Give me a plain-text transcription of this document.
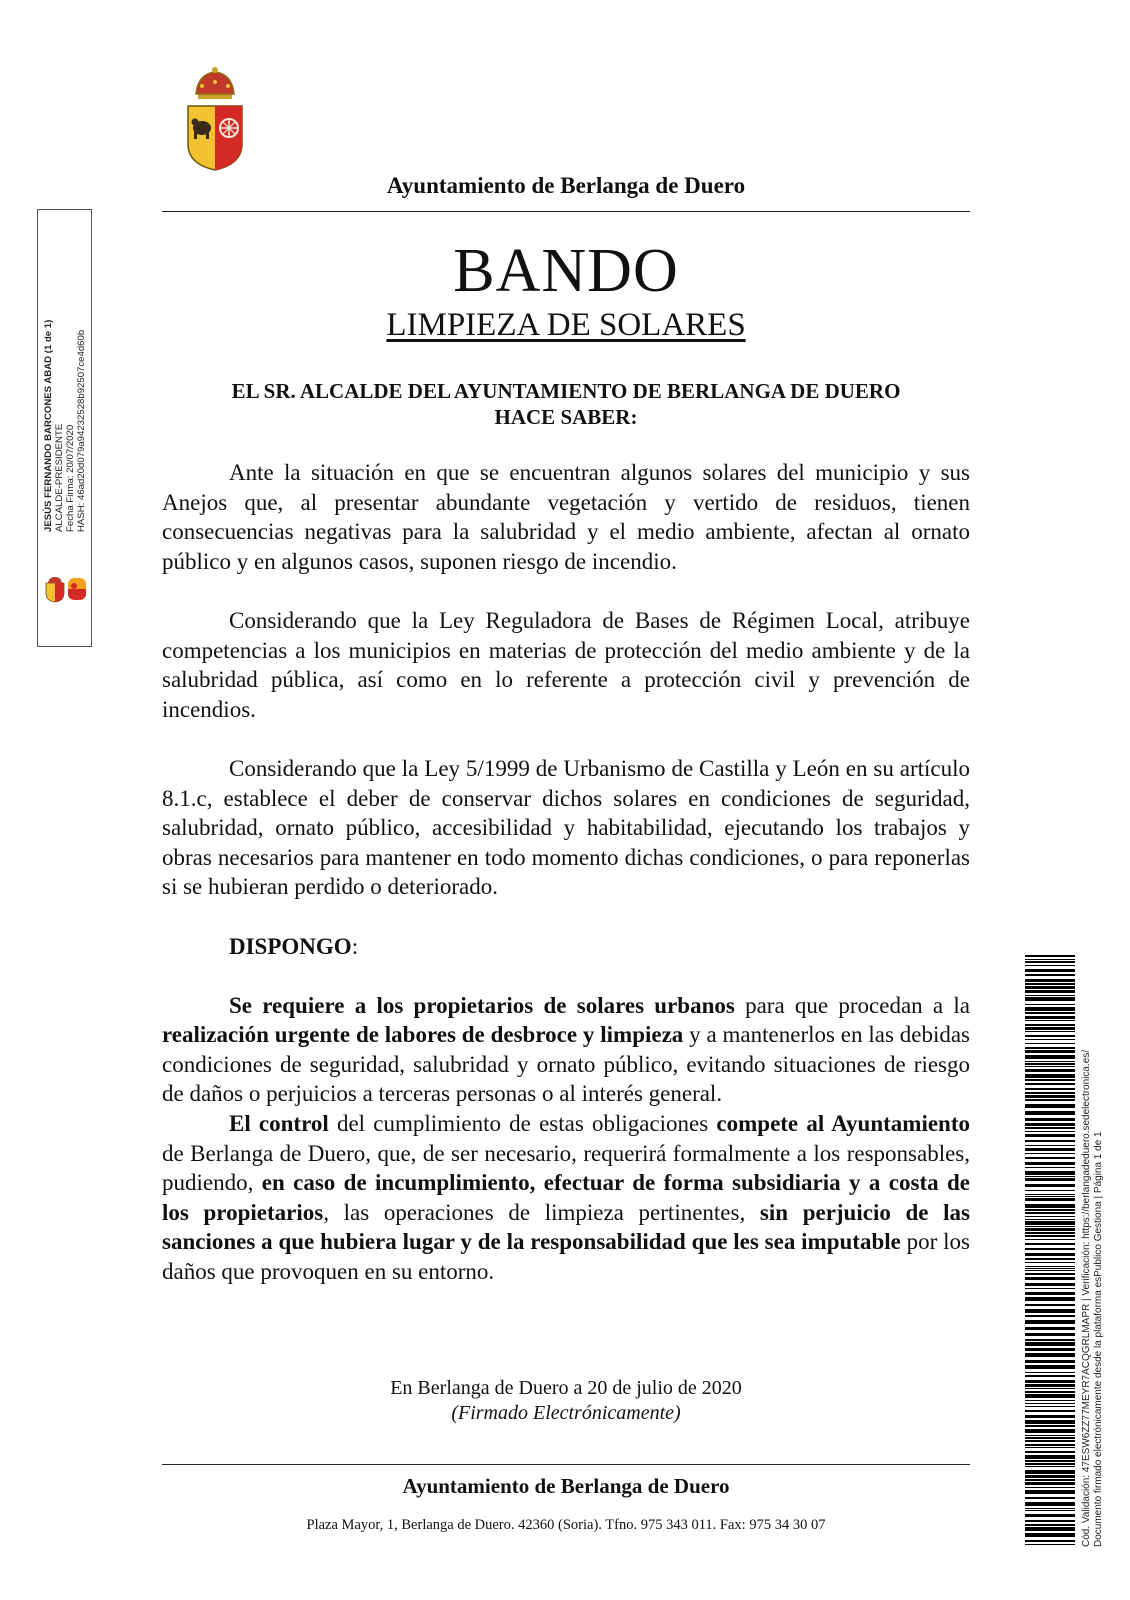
Ayuntamiento de Berlanga de Duero
BANDO
LIMPIEZA DE SOLARES
EL SR. ALCALDE DEL AYUNTAMIENTO DE BERLANGA DE DUERO
HACE SABER:

Ante la situación en que se encuentran algunos solares del municipio y sus Anejos que, al presentar abundante vegetación y vertido de residuos, tienen consecuencias negativas para la salubridad y el medio ambiente, afectan al ornato público y en algunos casos, suponen riesgo de incendio.

Considerando que la Ley Reguladora de Bases de Régimen Local, atribuye competencias a los municipios en materias de protección del medio ambiente y de la salubridad pública, así como en lo referente a protección civil y prevención de incendios.

Considerando que la Ley 5/1999 de Urbanismo de Castilla y León en su artículo 8.1.c, establece el deber de conservar dichos solares en condiciones de seguridad, salubridad, ornato público, accesibilidad y habitabilidad, ejecutando los trabajos y obras necesarios para mantener en todo momento dichas condiciones, o para reponerlas si se hubieran perdido o deteriorado.

DISPONGO:

Se requiere a los propietarios de solares urbanos para que procedan a la realización urgente de labores de desbroce y limpieza y a mantenerlos en las debidas condiciones de seguridad, salubridad y ornato público, evitando situaciones de riesgo de daños o perjuicios a terceras personas o al interés general.

El control del cumplimiento de estas obligaciones compete al Ayuntamiento de Berlanga de Duero, que, de ser necesario, requerirá formalmente a los responsables, pudiendo, en caso de incumplimiento, efectuar de forma subsidiaria y a costa de los propietarios, las operaciones de limpieza pertinentes, sin perjuicio de las sanciones a que hubiera lugar y de la responsabilidad que les sea imputable por los daños que provoquen en su entorno.

En Berlanga de Duero a 20 de julio de 2020
(Firmado Electrónicamente)
Ayuntamiento de Berlanga de Duero
Plaza Mayor, 1, Berlanga de Duero. 42360 (Soria). Tfno. 975 343 011. Fax: 975 34 30 07
JESÚS FERNANDO BARCONES ABAD (1 de 1) ALCALDE-PRESIDENTE Fecha Firma: 20/07/2020 HASH: 46ad20d079a94232528b92507ce4d60b
Cód. Validación: 47ESW6ZZ77MEYR7ACQGRLMAPR | Verificación: https://berlangadeduero.sedelectronica.es/ Documento firmado electrónicamente desde la plataforma esPublico Gestiona | Página 1 de 1
